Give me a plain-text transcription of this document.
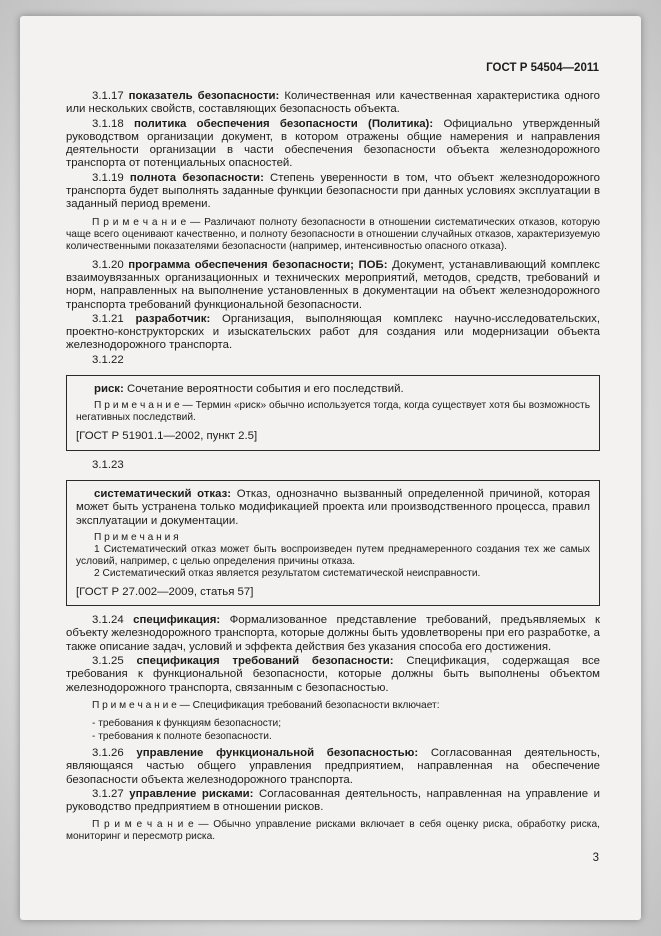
ГОСТ Р 54504—2011

3.1.17 показатель безопасности: Количественная или качественная характеристика одного или нескольких свойств, составляющих безопасность объекта.

3.1.18 политика обеспечения безопасности (Политика): Официально утвержденный руководством организации документ, в котором отражены общие намерения и направления деятельности организации в части обеспечения безопасности объекта железнодорожного транспорта от потенциальных опасностей.

3.1.19 полнота безопасности: Степень уверенности в том, что объект железнодорожного транспорта будет выполнять заданные функции безопасности при данных условиях эксплуатации в заданный период времени.

П р и м е ч а н и е — Различают полноту безопасности в отношении систематических отказов, которую чаще всего оценивают качественно, и полноту безопасности в отношении случайных отказов, характеризуемую количественными показателями безопасности (например, интенсивностью опасного отказа).

3.1.20 программа обеспечения безопасности; ПОБ: Документ, устанавливающий комплекс взаимоувязанных организационных и технических мероприятий, методов, средств, требований и норм, направленных на выполнение установленных в документации на объект железнодорожного транспорта требований функциональной безопасности.

3.1.21 разработчик: Организация, выполняющая комплекс научно-исследовательских, проектно-конструкторских и изыскательских работ для создания или модернизации объекта железнодорожного транспорта.

3.1.22

риск: Сочетание вероятности события и его последствий.

П р и м е ч а н и е — Термин «риск» обычно используется тогда, когда существует хотя бы возможность негативных последствий.

[ГОСТ Р 51901.1—2002, пункт 2.5]

3.1.23

систематический отказ: Отказ, однозначно вызванный определенной причиной, которая может быть устранена только модификацией проекта или производственного процесса, правил эксплуатации и документации.

П р и м е ч а н и я

1 Систематический отказ может быть воспроизведен путем преднамеренного создания тех же самых условий, например, с целью определения причины отказа.

2 Систематический отказ является результатом систематической неисправности.

[ГОСТ Р 27.002—2009, статья 57]

3.1.24 спецификация: Формализованное представление требований, предъявляемых к объекту железнодорожного транспорта, которые должны быть удовлетворены при его разработке, а также описание задач, условий и эффекта действия без указания способа его достижения.

3.1.25 спецификация требований безопасности: Спецификация, содержащая все требования к функциональной безопасности, которые должны быть выполнены объектом железнодорожного транспорта, связанным с безопасностью.

П р и м е ч а н и е — Спецификация требований безопасности включает:

- требования к функциям безопасности;

- требования к полноте безопасности.

3.1.26 управление функциональной безопасностью: Согласованная деятельность, являющаяся частью общего управления предприятием, направленная на обеспечение безопасности объекта железнодорожного транспорта.

3.1.27 управление рисками: Согласованная деятельность, направленная на управление и руководство предприятием в отношении рисков.

П р и м е ч а н и е — Обычно управление рисками включает в себя оценку риска, обработку риска, мониторинг и пересмотр риска.

3
